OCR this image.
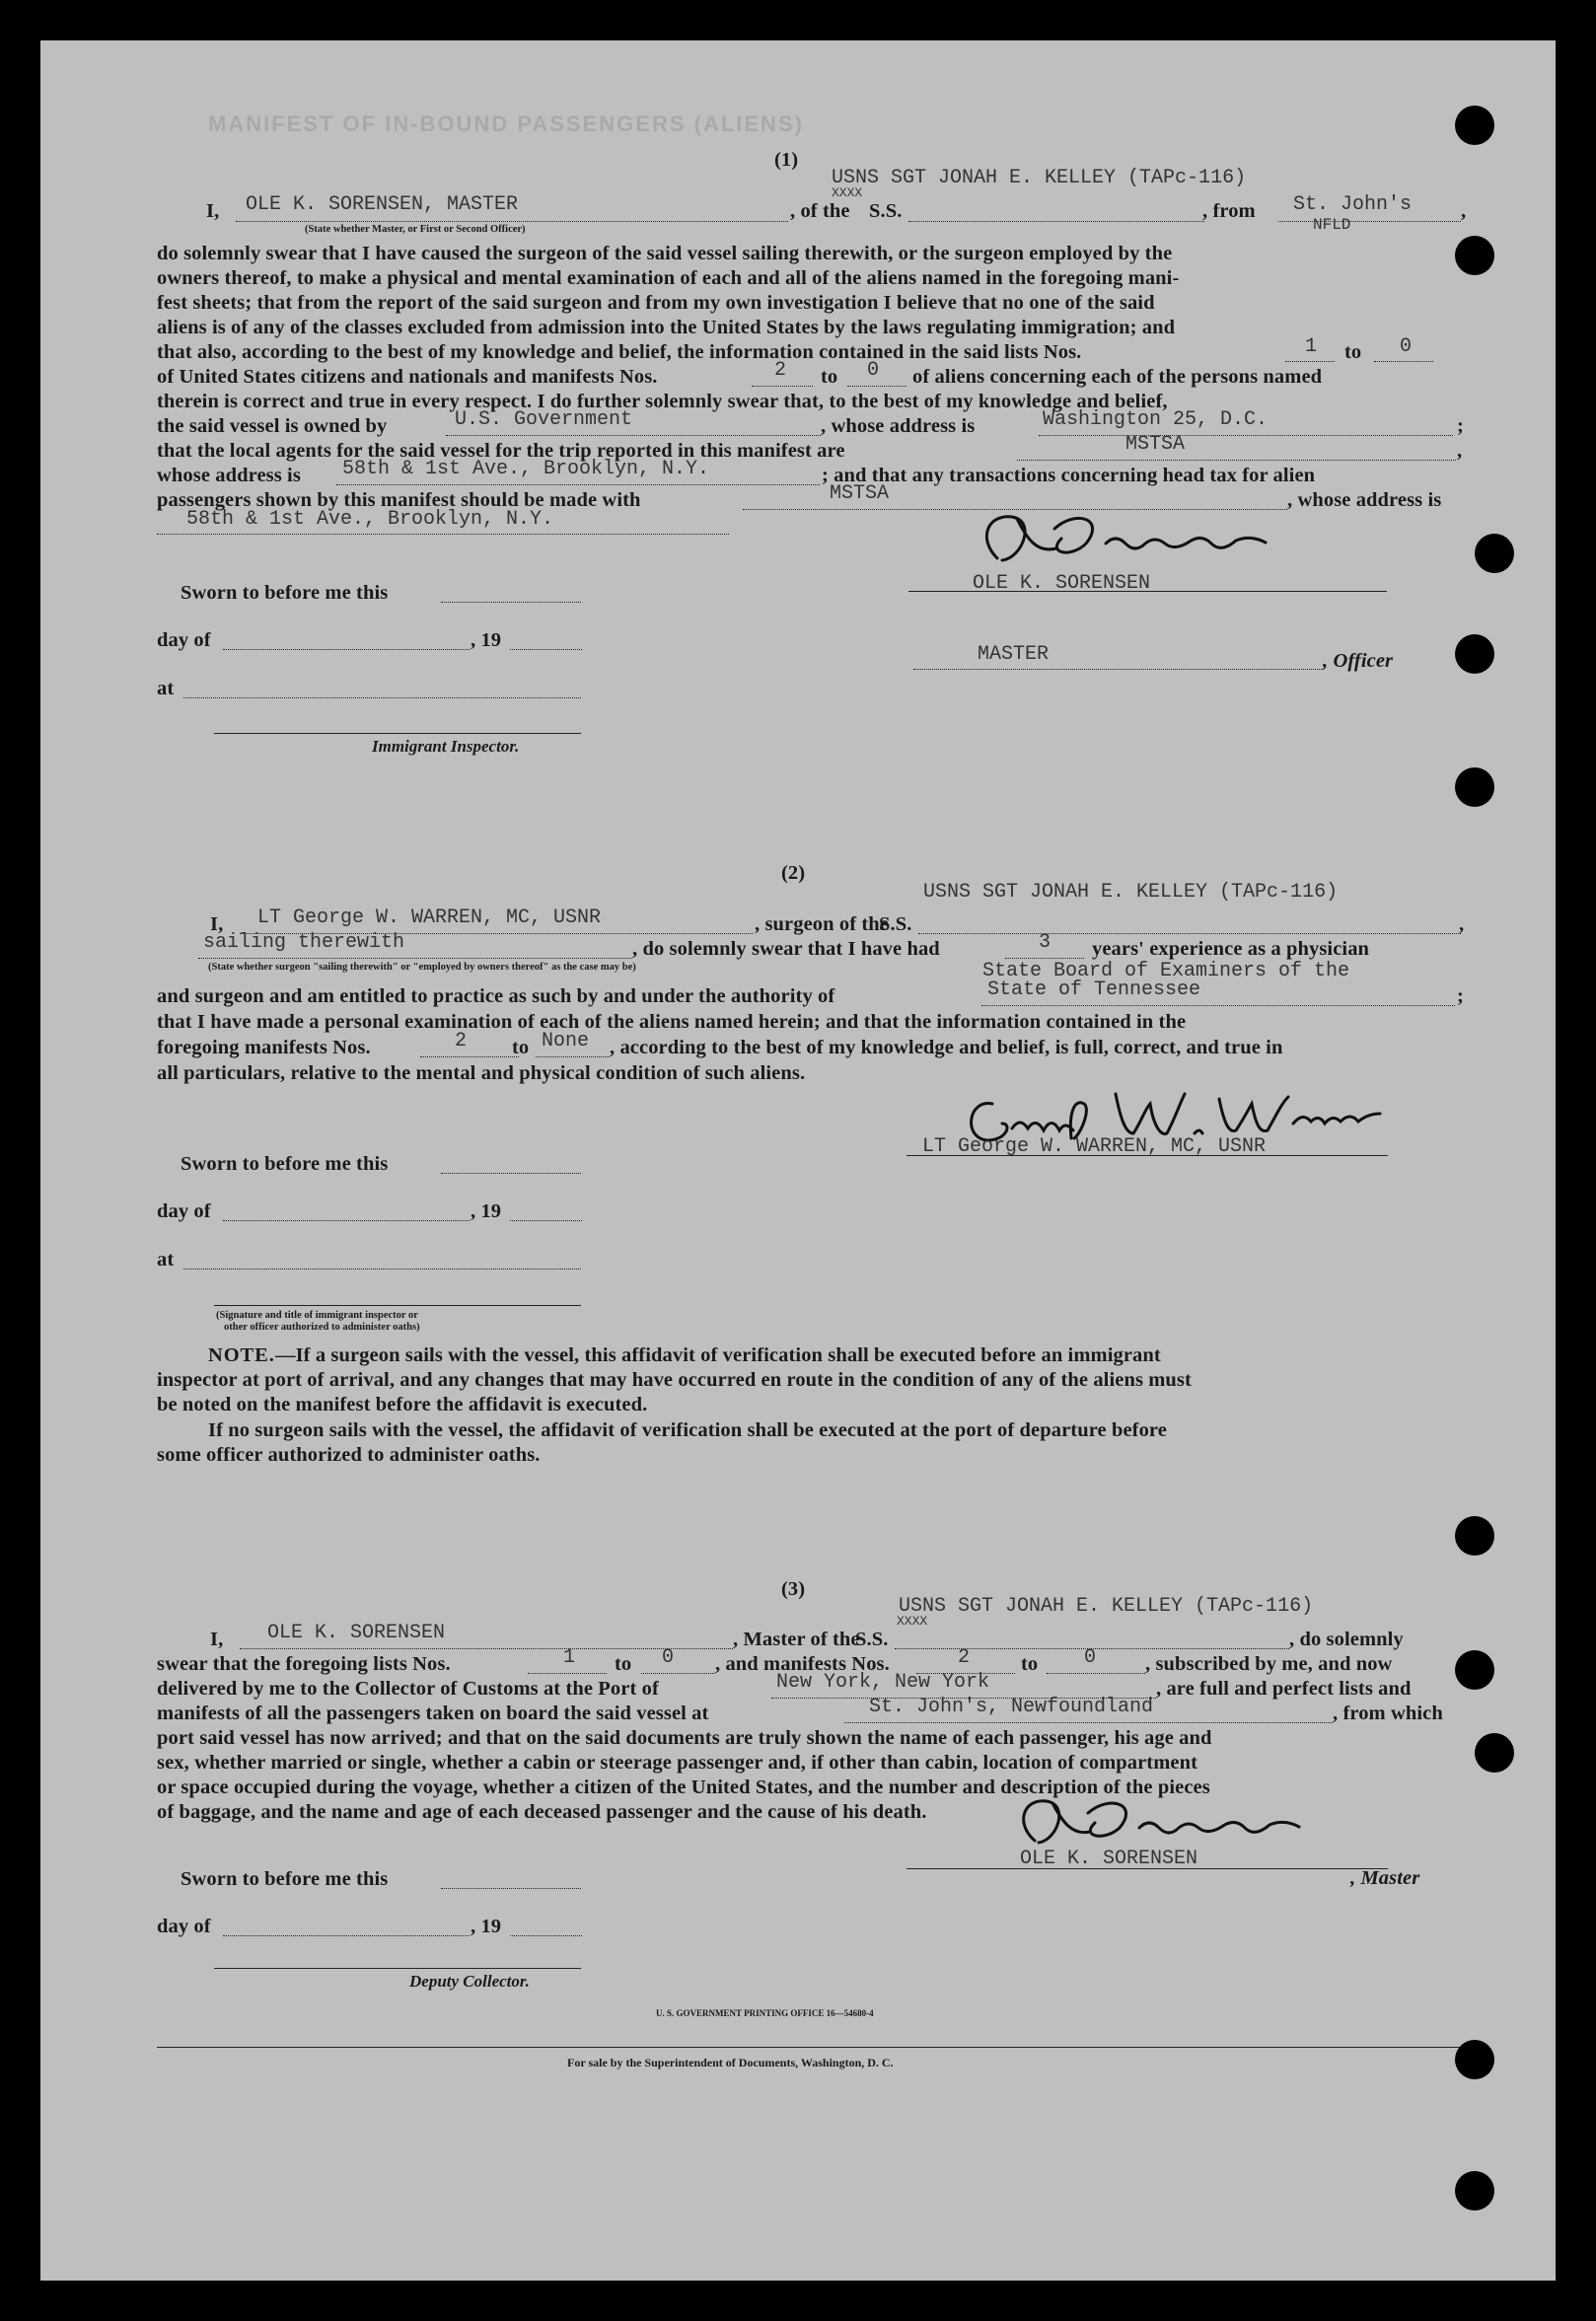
MANIFEST OF IN-BOUND PASSENGERS (ALIENS)
(1)
USNS SGT JONAH E. KELLEY (TAPc-116)
XXXX
I, OLE K. SORENSEN, MASTER	, of the S.S.	, from St. John's ,
NFLD
(State whether Master, or First or Second Officer)
do solemnly swear that I have caused the surgeon of the said vessel sailing therewith, or the surgeon employed by the
owners thereof, to make a physical and mental examination of each and all of the aliens named in the foregoing mani-
fest sheets; that from the report of the said surgeon and from my own investigation I believe that no one of the said
aliens is of any of the classes excluded from admission into the United States by the laws regulating immigration; and
that also, according to the best of my knowledge and belief, the information contained in the said lists Nos.	1 to 0
of United States citizens and nationals and manifests Nos.	2 to 0 of aliens concerning each of the persons named
therein is correct and true in every respect. I do further solemnly swear that, to the best of my knowledge and belief,
the said vessel is owned by	U.S. Government	, whose address is	Washington 25, D.C.	;
that the local agents for the said vessel for the trip reported in this manifest are	MSTSA	,
whose address is 58th & 1st Ave., Brooklyn, N.Y.	; and that any transactions concerning head tax for alien
passengers shown by this manifest should be made with	MSTSA	, whose address is
58th & 1st Ave., Brooklyn, N.Y.
Sworn to before me this	OLE K. SORENSEN
day of	, 19
MASTER	, Officer
at
Immigrant Inspector.
(2)
USNS SGT JONAH E. KELLEY (TAPc-116)
I, LT George W. WARREN, MC, USNR	, surgeon of the
S.S.	,
sailing therewith	, do solemnly swear that I have had	3 years' experience as a physician
(State whether surgeon "sailing therewith" or "employed by owners thereof" as the case may be)	State Board of Examiners of the
and surgeon and am entitled to practice as such by and under the authority of	State of Tennessee	;
that I have made a personal examination of each of the aliens named herein; and that the information contained in the
foregoing manifests Nos.	2 to None , according to the best of my knowledge and belief, is full, correct, and true in
all particulars, relative to the mental and physical condition of such aliens.
Sworn to before me this
LT George W. WARREN, MC, USNR
day of	, 19
at
(Signature and title of immigrant inspector or
other officer authorized to administer oaths)
NOTE. —If a surgeon sails with the vessel, this affidavit of verification shall be executed before an immigrant
inspector at port of arrival, and any changes that may have occurred en route in the condition of any of the aliens must
be noted on the manifest before the affidavit is executed.
If no surgeon sails with the vessel, the affidavit of verification shall be executed at the port of departure before
some officer authorized to administer oaths.
(3)
USNS SGT JONAH E. KELLEY (TAPc-116)
XXXX
I, OLE K. SORENSEN	, Master of the
S.S.	, do solemnly
swear that the foregoing lists Nos.	1 to 0 , and manifests Nos.	2	to 0 , subscribed by me, and now
delivered by me to the Collector of Customs at the Port of	New York, New York	, are full and perfect lists and
manifests of all the passengers taken on board the said vessel at	St. John's, Newfoundland	, from which
port said vessel has now arrived; and that on the said documents are truly shown the name of each passenger, his age and
sex, whether married or single, whether a cabin or steerage passenger and, if other than cabin, location of compartment
or space occupied during the voyage, whether a citizen of the United States, and the number and description of the pieces
of baggage, and the name and age of each deceased passenger and the cause of his death.
Sworn to before me this
OLE K. SORENSEN
, Master
day of	, 19
Deputy Collector.
U. S. GOVERNMENT PRINTING OFFICE 16—54680-4
For sale by the Superintendent of Documents, Washington, D. C.
